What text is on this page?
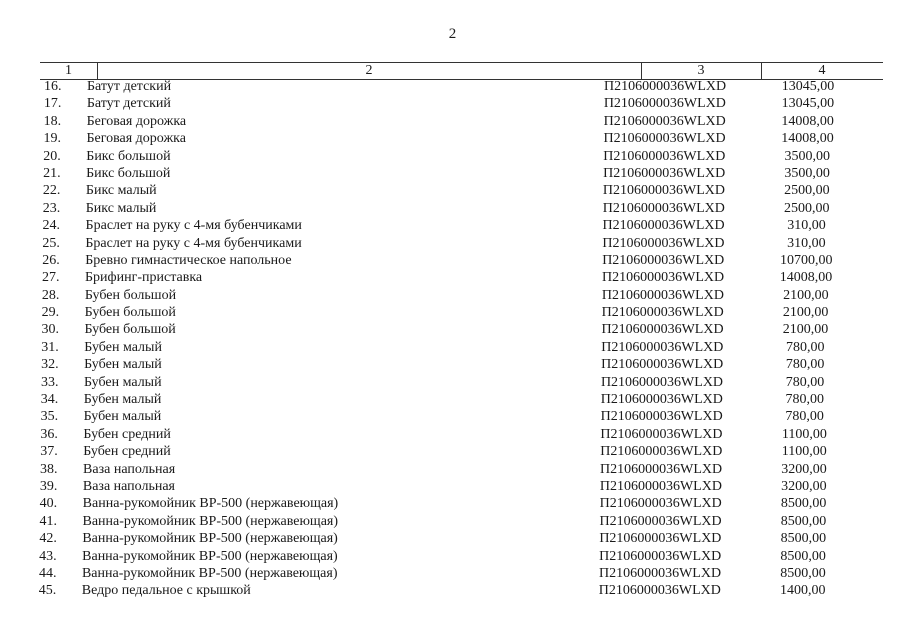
2
1	2	3	4
16.	Батут детский	П2106000036WLXD	13045,00
17.	Батут детский	П2106000036WLXD	13045,00
18.	Беговая дорожка	П2106000036WLXD	14008,00
19.	Беговая дорожка	П2106000036WLXD	14008,00
20.	Бикс большой	П2106000036WLXD	3500,00
21.	Бикс большой	П2106000036WLXD	3500,00
22.	Бикс малый	П2106000036WLXD	2500,00
23.	Бикс малый	П2106000036WLXD	2500,00
24.	Браслет на руку с 4-мя бубенчиками	П2106000036WLXD	310,00
25.	Браслет на руку с 4-мя бубенчиками	П2106000036WLXD	310,00
26.	Бревно гимнастическое напольное	П2106000036WLXD	10700,00
27.	Брифинг-приставка	П2106000036WLXD	14008,00
28.	Бубен большой	П2106000036WLXD	2100,00
29.	Бубен большой	П2106000036WLXD	2100,00
30.	Бубен большой	П2106000036WLXD	2100,00
31.	Бубен малый	П2106000036WLXD	780,00
32.	Бубен малый	П2106000036WLXD	780,00
33.	Бубен малый	П2106000036WLXD	780,00
34.	Бубен малый	П2106000036WLXD	780,00
35.	Бубен малый	П2106000036WLXD	780,00
36.	Бубен средний	П2106000036WLXD	1100,00
37.	Бубен средний	П2106000036WLXD	1100,00
38.	Ваза напольная	П2106000036WLXD	3200,00
39.	Ваза напольная	П2106000036WLXD	3200,00
40.	Ванна-рукомойник ВР-500 (нержавеющая)	П2106000036WLXD	8500,00
41.	Ванна-рукомойник ВР-500 (нержавеющая)	П2106000036WLXD	8500,00
42.	Ванна-рукомойник ВР-500 (нержавеющая)	П2106000036WLXD	8500,00
43.	Ванна-рукомойник ВР-500 (нержавеющая)	П2106000036WLXD	8500,00
44.	Ванна-рукомойник ВР-500 (нержавеющая)	П2106000036WLXD	8500,00
45.	Ведро педальное с крышкой	П2106000036WLXD	1400,00
